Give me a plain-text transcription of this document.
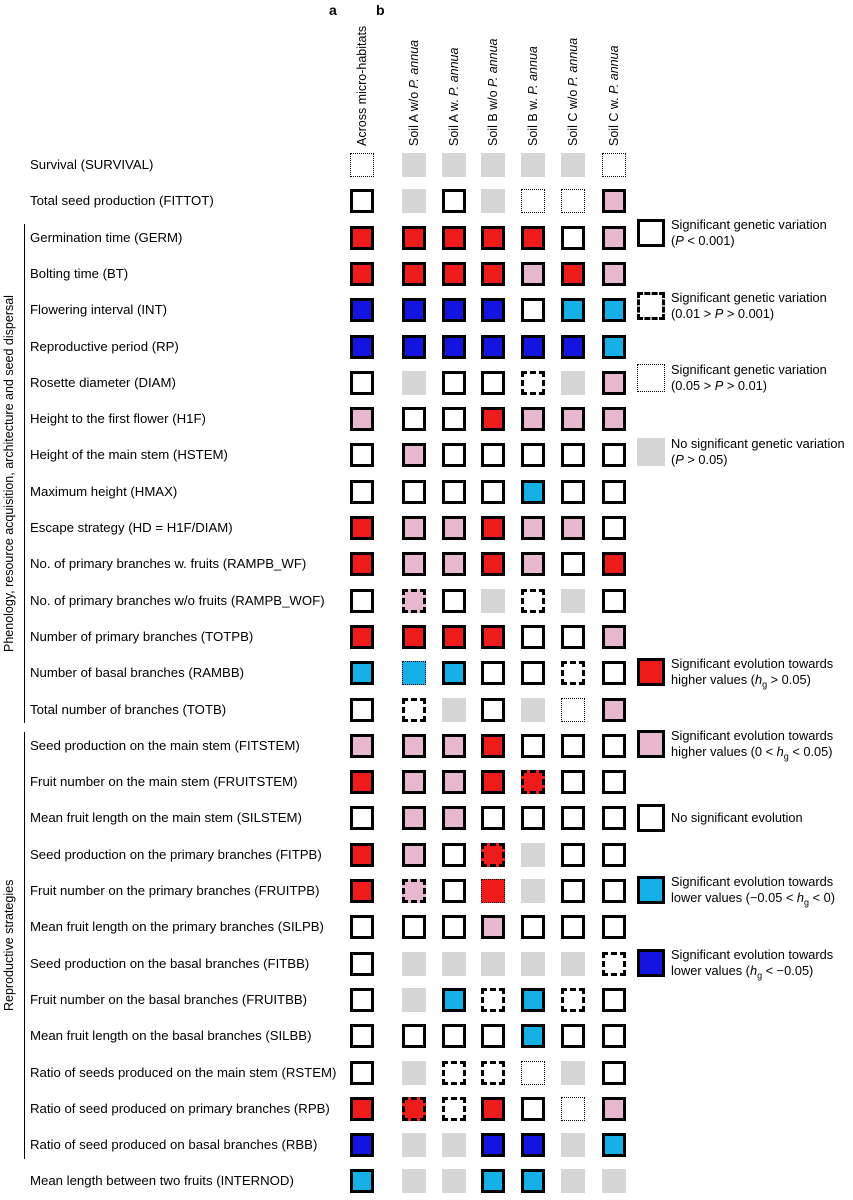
a	b
Across micro-habitats	Soil A w/o P. annua
Soil A w. P. annua
Soil B w/o P. annua
Soil B w. P. annua
Soil C w/o P. annua
Soil C w. P. annua
Survival (SURVIVAL)
Total seed production (FITTOT)
Germination time (GERM)
Bolting time (BT)
Flowering interval (INT)
Reproductive period (RP)
Rosette diameter (DIAM)
Height to the first flower (H1F)
Height of the main stem (HSTEM)
Maximum height (HMAX)
Escape strategy (HD = H1F/DIAM)
No. of primary branches w. fruits (RAMPB_WF)
No. of primary branches w/o fruits (RAMPB_WOF)
Number of primary branches (TOTPB)
Number of basal branches (RAMBB)
Total number of branches (TOTB)
Seed production on the main stem (FITSTEM)
Fruit number on the main stem (FRUITSTEM)
Mean fruit length on the main stem (SILSTEM)
Seed production on the primary branches (FITPB)
Fruit number on the primary branches (FRUITPB)
Mean fruit length on the primary branches (SILPB)
Seed production on the basal branches (FITBB)
Fruit number on the basal branches (FRUITBB)
Mean fruit length on the basal branches (SILBB)
Ratio of seeds produced on the main stem (RSTEM)
Ratio of seed produced on primary branches (RPB)
Ratio of seed produced on basal branches (RBB)
Mean length between two fruits (INTERNOD)
Phenology, resource acquisition, architecture and seed dispersal
Reproductive strategies
Significant genetic variation
(P < 0.001)
Significant genetic variation
(0.01 > P > 0.001)
Significant genetic variation
(0.05 > P > 0.01)
No significant genetic variation
(P > 0.05)
Significant evolution towards
higher values $(h_g > 0.05)$
Significant evolution towards
higher values $(0 < h_g < 0.05)$
No significant evolution
Significant evolution towards
lower values $(-0.05 < h_g < 0)$
Significant evolution towards
lower values $(h_g < -0.05)$
